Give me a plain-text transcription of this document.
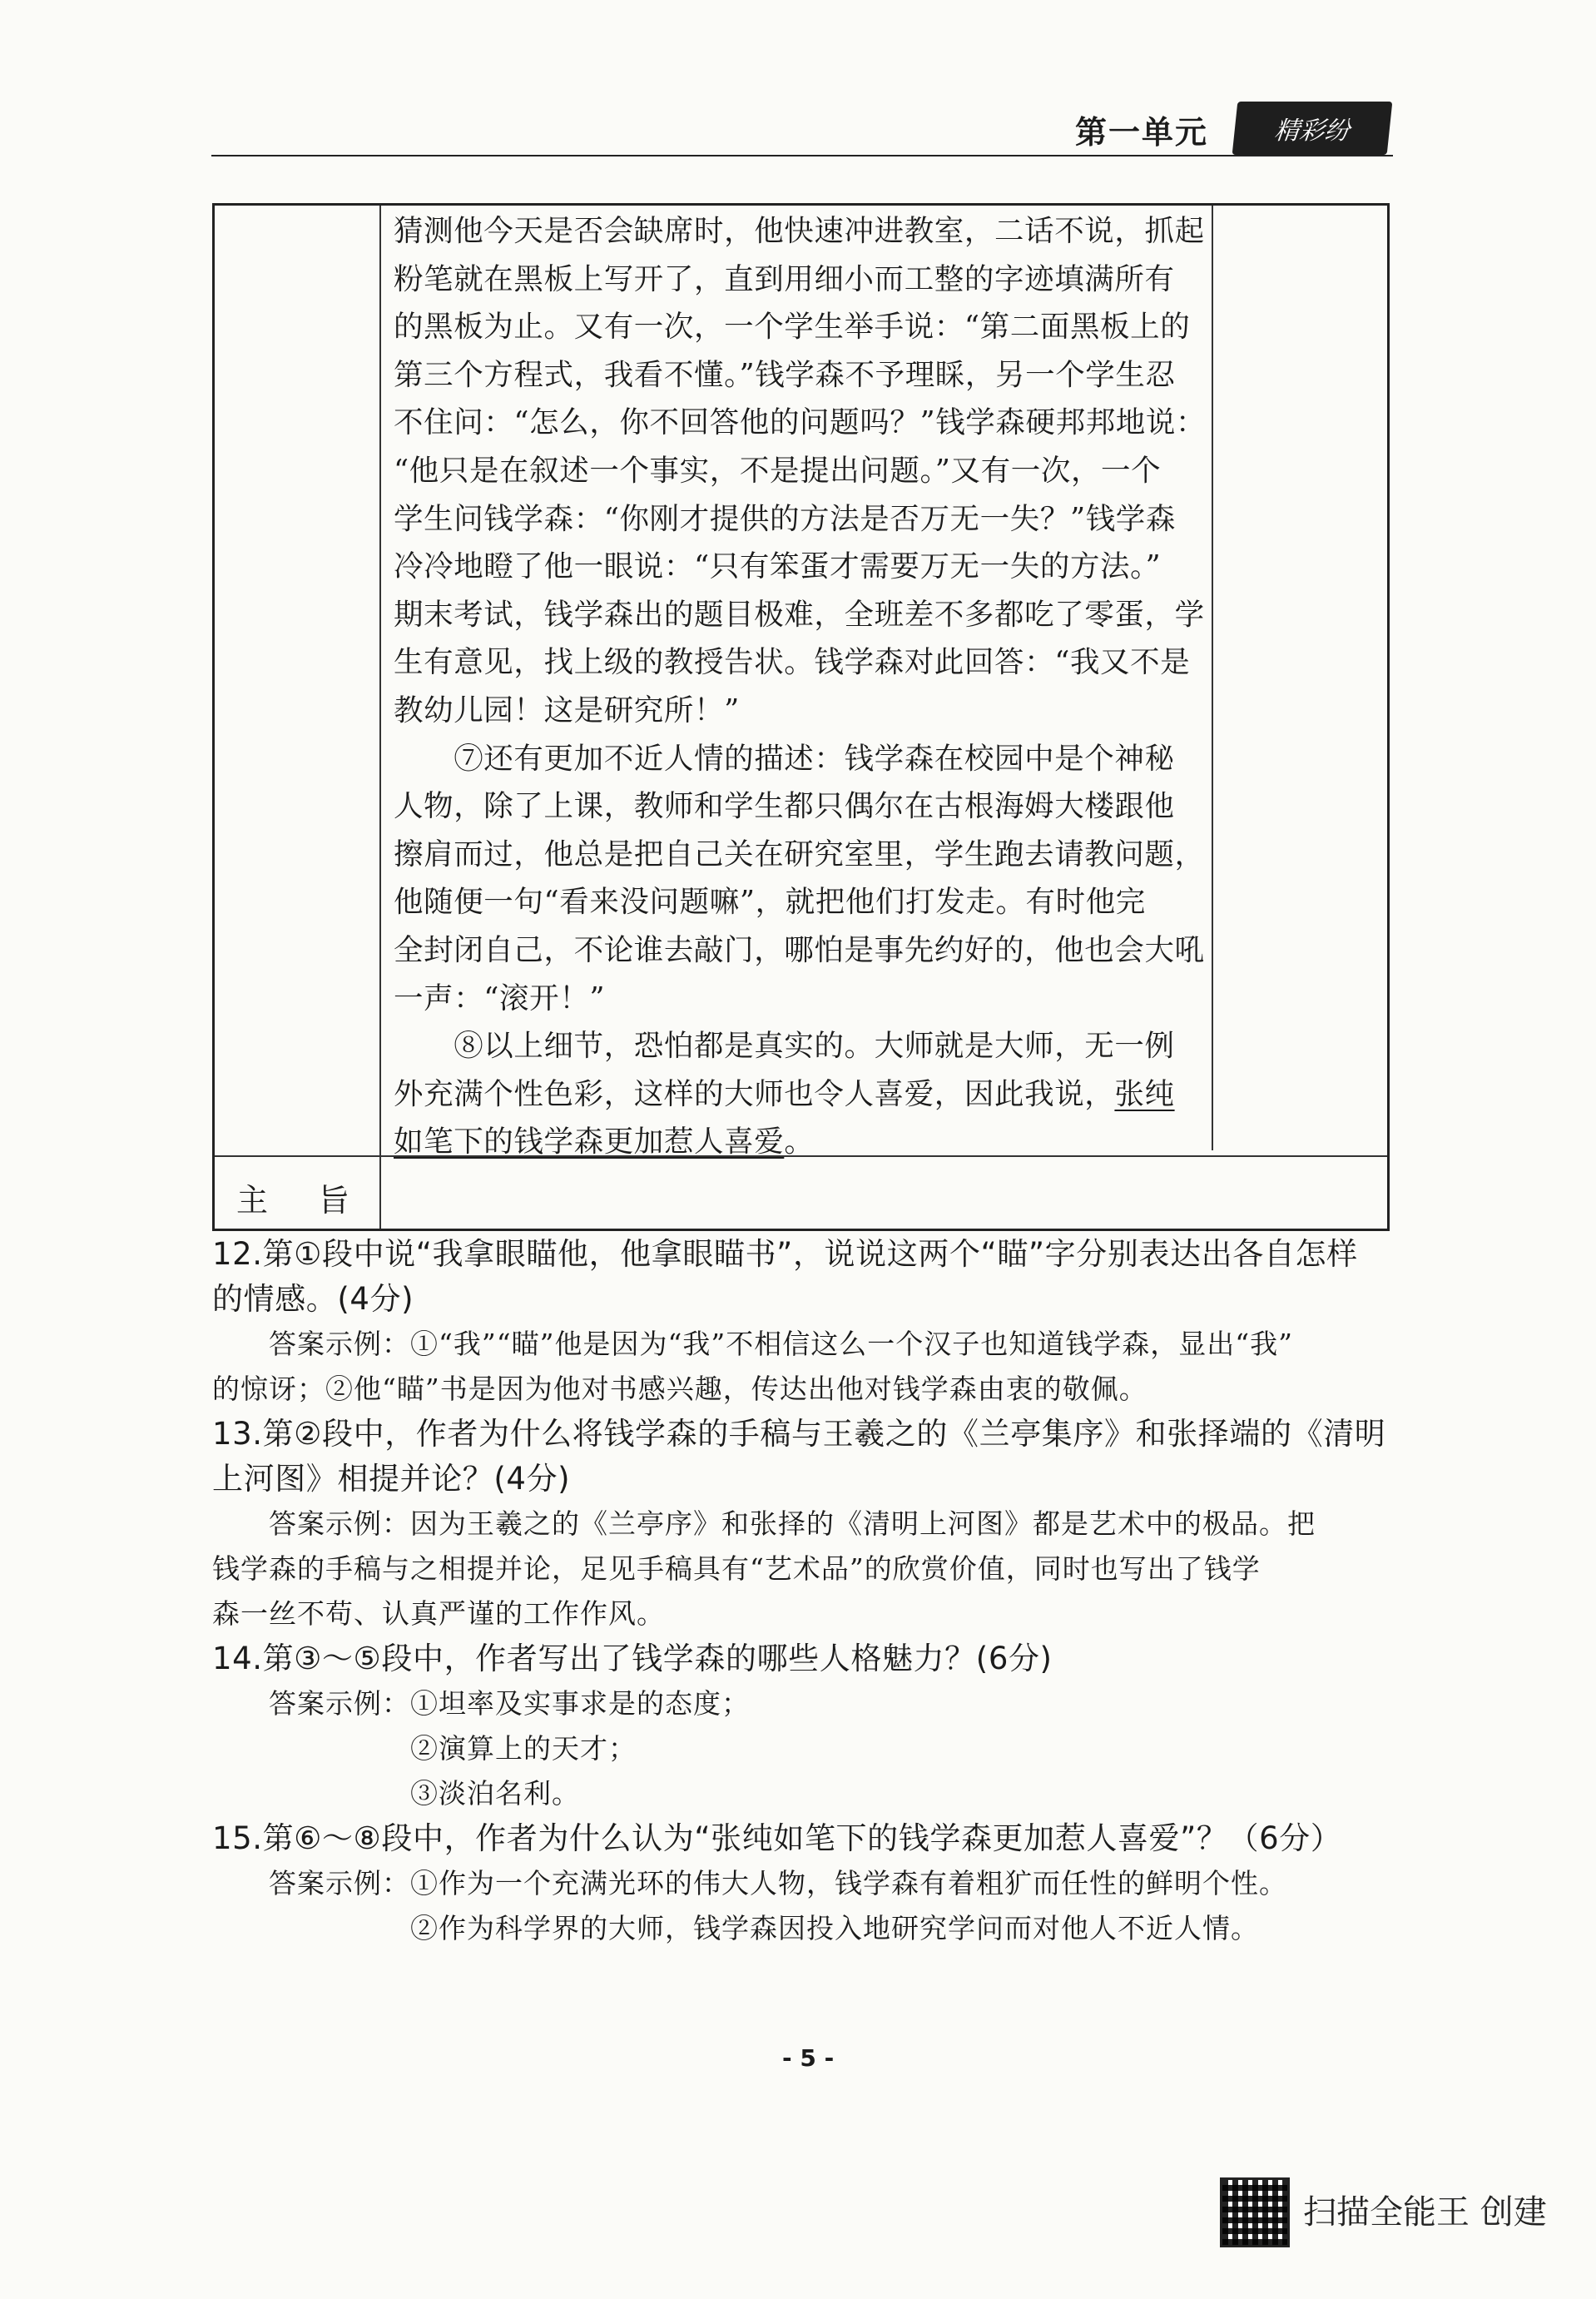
第一单元	精彩纷
猜测他今天是否会缺席时，他快速冲进教室，二话不说，抓起
粉笔就在黑板上写开了，直到用细小而工整的字迹填满所有
的黑板为止。又有一次，一个学生举手说：“第二面黑板上的
第三个方程式，我看不懂。”钱学森不予理睬，另一个学生忍
不住问：“怎么，你不回答他的问题吗？”钱学森硬邦邦地说：
“他只是在叙述一个事实，不是提出问题。”又有一次，一个
学生问钱学森：“你刚才提供的方法是否万无一失？”钱学森
冷冷地瞪了他一眼说：“只有笨蛋才需要万无一失的方法。”
期末考试，钱学森出的题目极难，全班差不多都吃了零蛋，学
生有意见，找上级的教授告状。钱学森对此回答：“我又不是
教幼儿园！这是研究所！”
　　⑦还有更加不近人情的描述：钱学森在校园中是个神秘
人物，除了上课，教师和学生都只偶尔在古根海姆大楼跟他
擦肩而过，他总是把自己关在研究室里，学生跑去请教问题，
他随便一句“看来没问题嘛”，就把他们打发走。有时他完
全封闭自己，不论谁去敲门，哪怕是事先约好的，他也会大吼
一声：“滚开！”
　　⑧以上细节，恐怕都是真实的。大师就是大师，无一例
外充满个性色彩，这样的大师也令人喜爱，因此我说，张纯
如笔下的钱学森更加惹人喜爱。
主旨
12.第①段中说“我拿眼瞄他，他拿眼瞄书”，说说这两个“瞄”字分别表达出各自怎样
的情感。(4分)
　　答案示例：①“我”“瞄”他是因为“我”不相信这么一个汉子也知道钱学森，显出“我”
的惊讶；②他“瞄”书是因为他对书感兴趣，传达出他对钱学森由衷的敬佩。
13.第②段中，作者为什么将钱学森的手稿与王羲之的《兰亭集序》和张择端的《清明
上河图》相提并论？(4分)
　　答案示例：因为王羲之的《兰亭序》和张择的《清明上河图》都是艺术中的极品。把
钱学森的手稿与之相提并论，足见手稿具有“艺术品”的欣赏价值，同时也写出了钱学
森一丝不苟、认真严谨的工作作风。
14.第③～⑤段中，作者写出了钱学森的哪些人格魅力？(6分)
　　答案示例：①坦率及实事求是的态度；
　　　　　　　②演算上的天才；
　　　　　　　③淡泊名利。
15.第⑥～⑧段中，作者为什么认为“张纯如笔下的钱学森更加惹人喜爱”？（6分）
　　答案示例：①作为一个充满光环的伟大人物，钱学森有着粗犷而任性的鲜明个性。
　　　　　　　②作为科学界的大师，钱学森因投入地研究学问而对他人不近人情。
- 5 -
扫描全能王 创建
